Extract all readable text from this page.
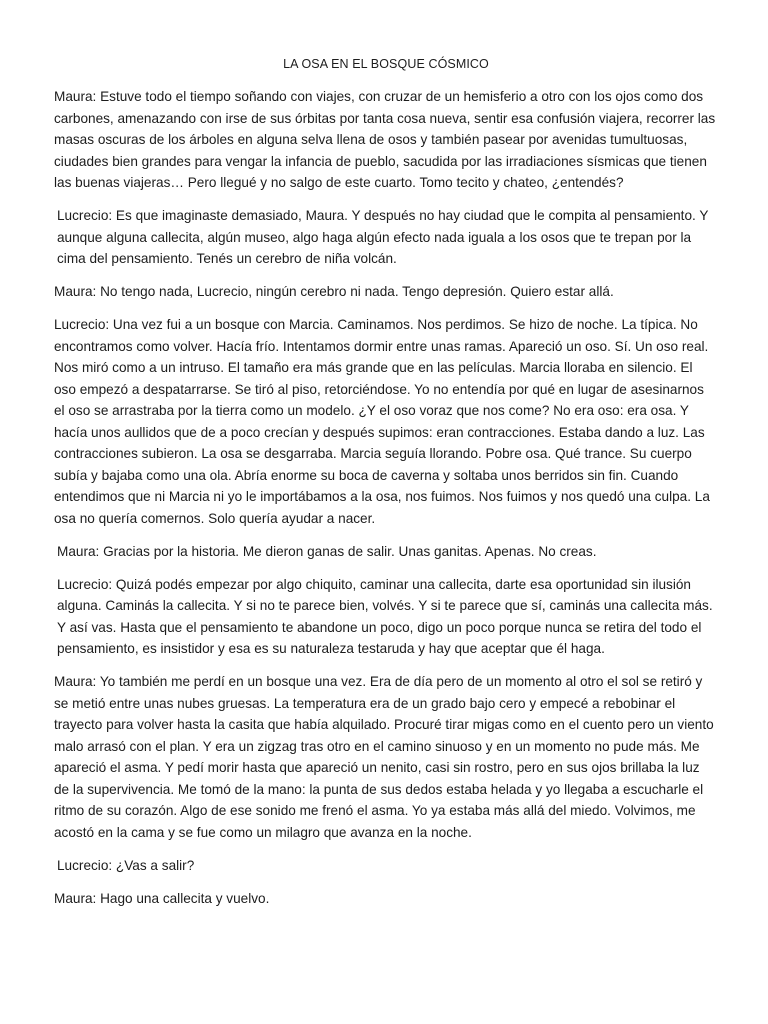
LA OSA EN EL BOSQUE CÓSMICO

Maura: Estuve todo el tiempo soñando con viajes, con cruzar de un hemisferio a otro con los ojos como dos carbones, amenazando con irse de sus órbitas por tanta cosa nueva, sentir esa confusión viajera, recorrer las masas oscuras de los árboles en alguna selva llena de osos y también pasear por avenidas tumultuosas, ciudades bien grandes para vengar la infancia de pueblo, sacudida por las irradiaciones sísmicas que tienen las buenas viajeras… Pero llegué y no salgo de este cuarto. Tomo tecito y chateo, ¿entendés?

Lucrecio: Es que imaginaste demasiado, Maura. Y después no hay ciudad que le compita al pensamiento. Y aunque alguna callecita, algún museo, algo haga algún efecto nada iguala a los osos que te trepan por la cima del pensamiento. Tenés un cerebro de niña volcán.

Maura: No tengo nada, Lucrecio, ningún cerebro ni nada. Tengo depresión. Quiero estar allá.

Lucrecio: Una vez fui a un bosque con Marcia. Caminamos. Nos perdimos. Se hizo de noche. La típica. No encontramos como volver. Hacía frío. Intentamos dormir entre unas ramas. Apareció un oso. Sí. Un oso real. Nos miró como a un intruso. El tamaño era más grande que en las películas. Marcia lloraba en silencio. El oso empezó a despatarrarse. Se tiró al piso, retorciéndose. Yo no entendía por qué en lugar de asesinarnos el oso se arrastraba por la tierra como un modelo. ¿Y el oso voraz que nos come? No era oso: era osa. Y hacía unos aullidos que de a poco crecían y después supimos: eran contracciones. Estaba dando a luz. Las contracciones subieron. La osa se desgarraba. Marcia seguía llorando. Pobre osa. Qué trance. Su cuerpo subía y bajaba como una ola. Abría enorme su boca de caverna y soltaba unos berridos sin fin. Cuando entendimos que ni Marcia ni yo le importábamos a la osa, nos fuimos. Nos fuimos y nos quedó una culpa. La osa no quería comernos. Solo quería ayudar a nacer.

Maura: Gracias por la historia. Me dieron ganas de salir. Unas ganitas. Apenas. No creas.

Lucrecio: Quizá podés empezar por algo chiquito, caminar una callecita, darte esa oportunidad sin ilusión alguna. Caminás la callecita. Y si no te parece bien, volvés. Y si te parece que sí, caminás una callecita más. Y así vas. Hasta que el pensamiento te abandone un poco, digo un poco porque nunca se retira del todo el pensamiento, es insistidor y esa es su naturaleza testaruda y hay que aceptar que él haga.

Maura: Yo también me perdí en un bosque una vez. Era de día pero de un momento al otro el sol se retiró y se metió entre unas nubes gruesas. La temperatura era de un grado bajo cero y empecé a rebobinar el trayecto para volver hasta la casita que había alquilado. Procuré tirar migas como en el cuento pero un viento malo arrasó con el plan. Y era un zigzag tras otro en el camino sinuoso y en un momento no pude más. Me apareció el asma. Y pedí morir hasta que apareció un nenito, casi sin rostro, pero en sus ojos brillaba la luz de la supervivencia. Me tomó de la mano: la punta de sus dedos estaba helada y yo llegaba a escucharle el ritmo de su corazón. Algo de ese sonido me frenó el asma. Yo ya estaba más allá del miedo. Volvimos, me acostó en la cama y se fue como un milagro que avanza en la noche.

Lucrecio: ¿Vas a salir?

Maura: Hago una callecita y vuelvo.
